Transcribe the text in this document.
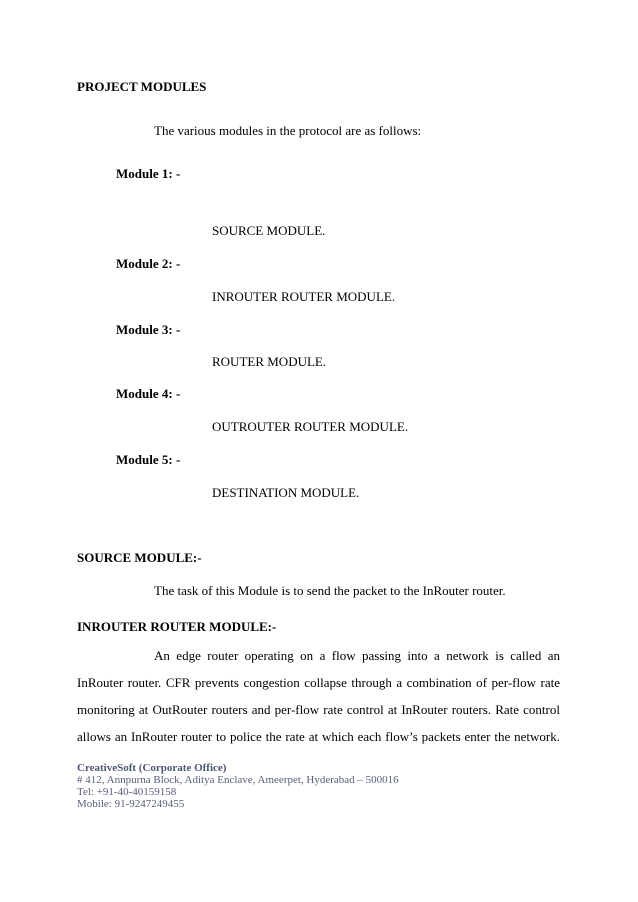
PROJECT MODULES
The various modules in the protocol are as follows:
Module 1: -
SOURCE MODULE.
Module 2: -
INROUTER ROUTER MODULE.
Module 3: -
ROUTER MODULE.
Module 4: -
OUTROUTER ROUTER MODULE.
Module 5: -
DESTINATION MODULE.
SOURCE MODULE:-
The task of this Module is to send the packet to the InRouter router.
INROUTER ROUTER MODULE:-
An edge router operating on a flow passing into a network is called an
InRouter router. CFR prevents congestion collapse through a combination of per-flow rate
monitoring at OutRouter routers and per-flow rate control at InRouter routers. Rate control
allows an InRouter router to police the rate at which each flow’s packets enter the network.
CreativeSoft (Corporate Office)
# 412, Annpurna Block, Aditya Enclave, Ameerpet, Hyderabad – 500016
Tel: +91-40-40159158
Mobile: 91-9247249455
